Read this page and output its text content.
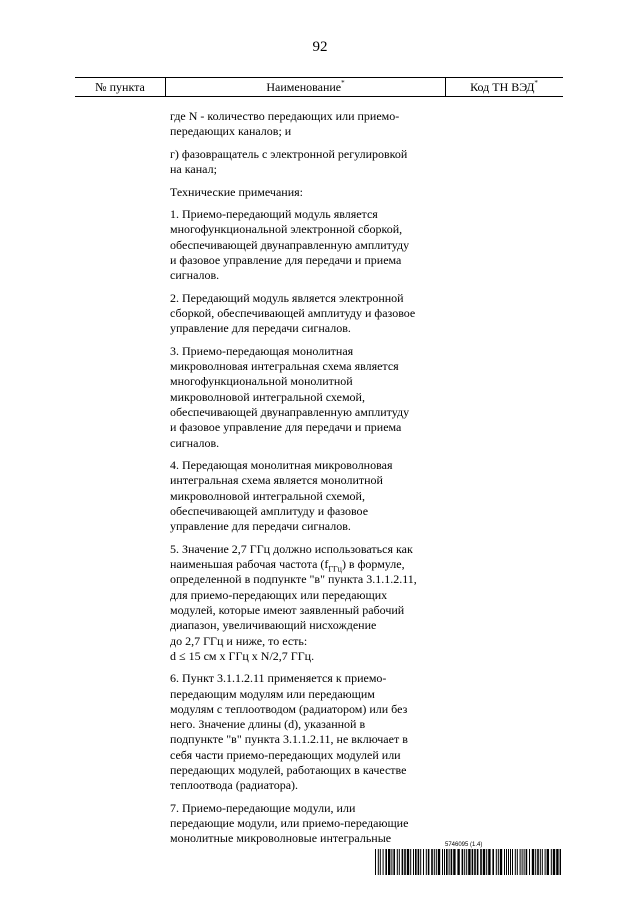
92
№ пункта	Наименование*	Код ТН ВЭД*

где N - количество передающих или приемо-
передающих каналов; и

г) фазовращатель с электронной регулировкой
на канал;

Технические примечания:

1. Приемо-передающий модуль является
многофункциональной электронной сборкой,
обеспечивающей двунаправленную амплитуду
и фазовое управление для передачи и приема
сигналов.

2. Передающий модуль является электронной
сборкой, обеспечивающей амплитуду и фазовое
управление для передачи сигналов.

3. Приемо-передающая монолитная
микроволновая интегральная схема является
многофункциональной монолитной
микроволновой интегральной схемой,
обеспечивающей двунаправленную амплитуду
и фазовое управление для передачи и приема
сигналов.

4. Передающая монолитная микроволновая
интегральная схема является монолитной
микроволновой интегральной схемой,
обеспечивающей амплитуду и фазовое
управление для передачи сигналов.

5. Значение 2,7 ГГц должно использоваться как
наименьшая рабочая частота $(f_{ГГц})$ в формуле,
определенной в подпункте "в" пункта 3.1.1.2.11,
для приемо-передающих или передающих
модулей, которые имеют заявленный рабочий
диапазон, увеличивающий нисхождение
до 2,7 ГГц и ниже, то есть:
d ≤ 15 см x ГГц x N/2,7 ГГц.

6. Пункт 3.1.1.2.11 применяется к приемо-
передающим модулям или передающим
модулям с теплоотводом (радиатором) или без
него. Значение длины (d), указанной в
подпункте "в" пункта 3.1.1.2.11, не включает в
себя части приемо-передающих модулей или
передающих модулей, работающих в качестве
теплоотвода (радиатора).

7. Приемо-передающие модули, или
передающие модули, или приемо-передающие
монолитные микроволновые интегральные	5746095 (1.4)
